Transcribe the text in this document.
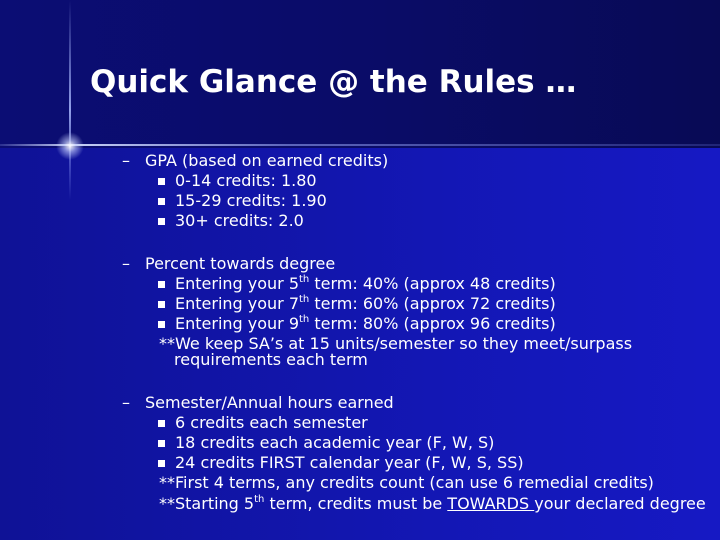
Quick Glance @ the Rules …
– GPA (based on earned credits)
0-14 credits: 1.80
15-29 credits: 1.90
30+ credits: 2.0
– Percent towards degree
Entering your 5th term: 40% (approx 48 credits)
Entering your 7th term: 60% (approx 72 credits)
Entering your 9th term: 80% (approx 96 credits)
**We keep SA’s at 15 units/semester so they meet/surpass
requirements each term
– Semester/Annual hours earned
6 credits each semester
18 credits each academic year (F, W, S)
24 credits FIRST calendar year (F, W, S, SS)
**First 4 terms, any credits count (can use 6 remedial credits)
**Starting 5th term, credits must be TOWARDS your declared degree
